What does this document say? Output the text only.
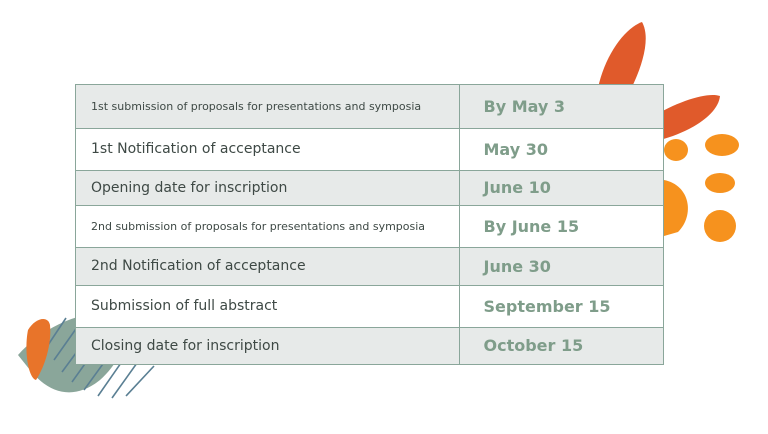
1st submission of proposals for presentations and symposia	By May 3
1st Notification of acceptance	May 30
Opening date for inscription	June 10
2nd submission of proposals for presentations and symposia	By June 15
2nd Notification of acceptance	June 30
Submission of full abstract	September 15
Closing date for inscription	October 15
